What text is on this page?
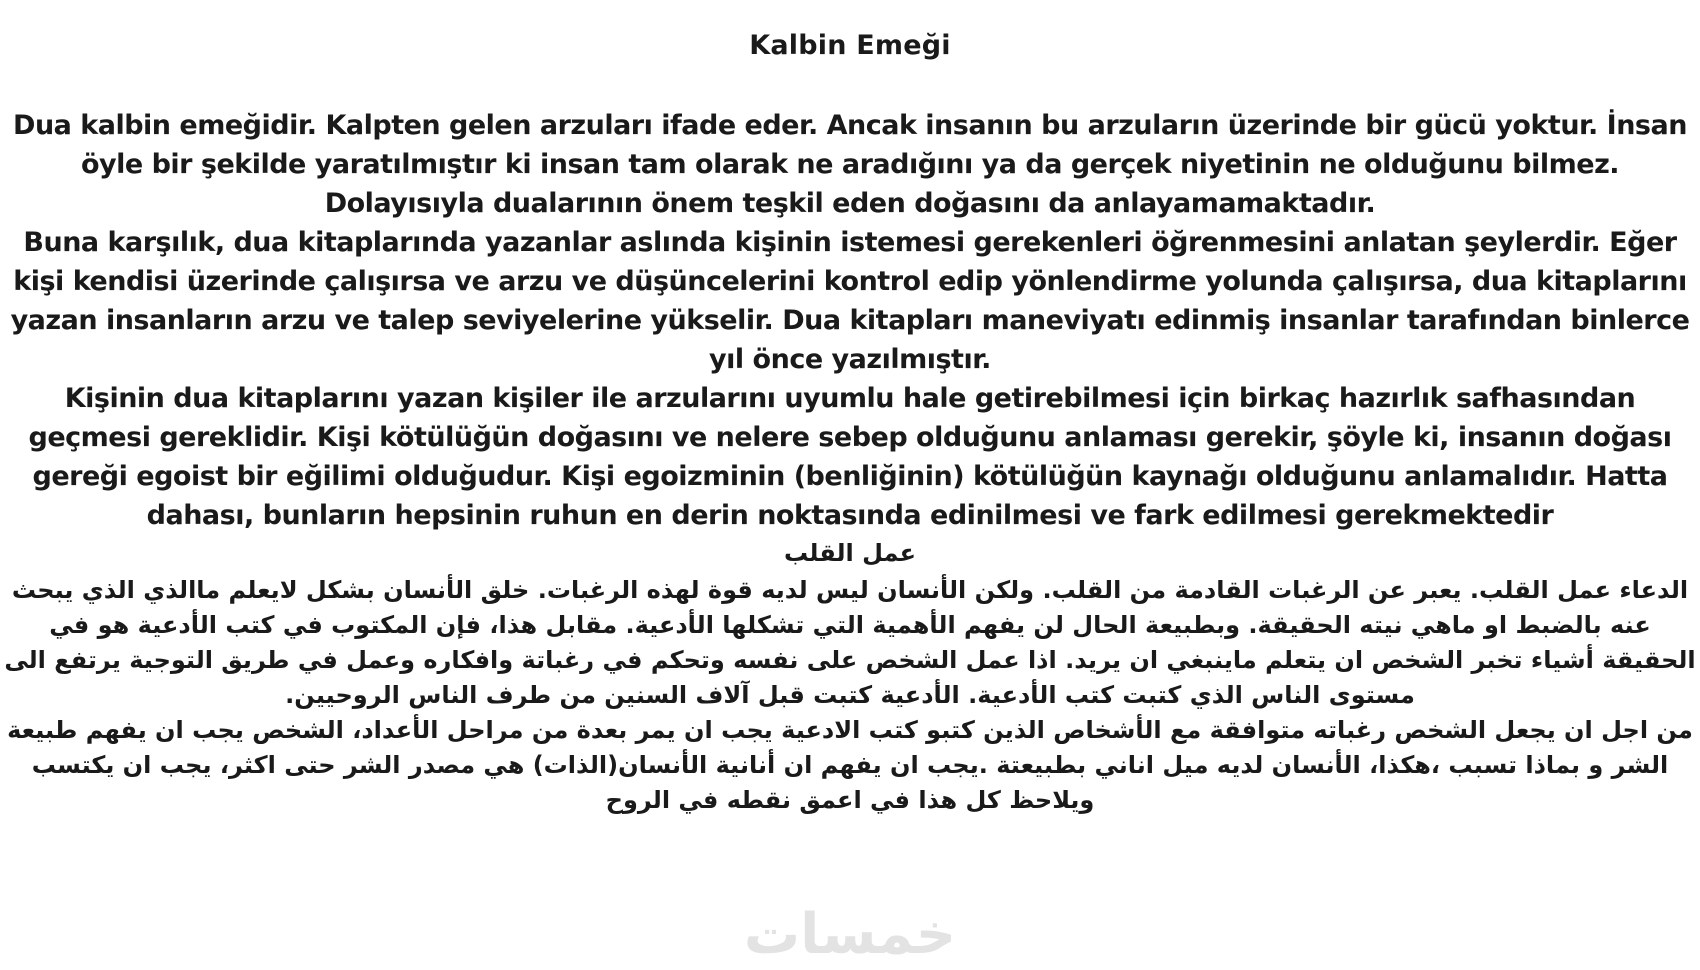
Kalbin Emeği

Dua kalbin emeğidir. Kalpten gelen arzuları ifade eder. Ancak insanın bu arzuların üzerinde bir gücü yoktur. İnsan öyle bir şekilde yaratılmıştır ki insan tam olarak ne aradığını ya da gerçek niyetinin ne olduğunu bilmez. Dolayısıyla dualarının önem teşkil eden doğasını da anlayamamaktadır.

Buna karşılık, dua kitaplarında yazanlar aslında kişinin istemesi gerekenleri öğrenmesini anlatan şeylerdir. Eğer kişi kendisi üzerinde çalışırsa ve arzu ve düşüncelerini kontrol edip yönlendirme yolunda çalışırsa, dua kitaplarını yazan insanların arzu ve talep seviyelerine yükselir. Dua kitapları maneviyatı edinmiş insanlar tarafından binlerce yıl önce yazılmıştır.

Kişinin dua kitaplarını yazan kişiler ile arzularını uyumlu hale getirebilmesi için birkaç hazırlık safhasından geçmesi gereklidir. Kişi kötülüğün doğasını ve nelere sebep olduğunu anlaması gerekir, şöyle ki, insanın doğası gereği egoist bir eğilimi olduğudur. Kişi egoizminin (benliğinin) kötülüğün kaynağı olduğunu anlamalıdır. Hatta dahası, bunların hepsinin ruhun en derin noktasında edinilmesi ve fark edilmesi gerekmektedir

عمل القلب

الدعاء عمل القلب. يعبر عن الرغبات القادمة من القلب. ولكن الأنسان ليس لديه قوة لهذه الرغبات. خلق الأنسان بشكل لايعلم ماالذي الذي يبحث عنه بالضبط او ماهي نيته الحقيقة. وبطبيعة الحال لن يفهم الأهمية التي تشكلها الأدعية. مقابل هذا، فإن المكتوب في كتب الأدعية هو في الحقيقة أشياء تخبر الشخص ان يتعلم ماينبغي ان يريد. اذا عمل الشخص على نفسه وتحكم في رغباتة وافكاره وعمل في طريق التوجية يرتفع الى مستوى الناس الذي كتبت كتب الأدعية. الأدعية كتبت قبل آلاف السنين من طرف الناس الروحيين.

من اجل ان يجعل الشخص رغباته متوافقة مع الأشخاص الذين كتبو كتب الادعية يجب ان يمر بعدة من مراحل الأعداد، الشخص يجب ان يفهم طبيعة الشر و بماذا تسبب ،هكذا، الأنسان لديه ميل اناني بطبيعتة .يجب ان يفهم ان أنانية الأنسان(الذات) هي مصدر الشر حتى اكثر، يجب ان يكتسب ويلاحظ كل هذا في اعمق نقطه في الروح

خمسات
